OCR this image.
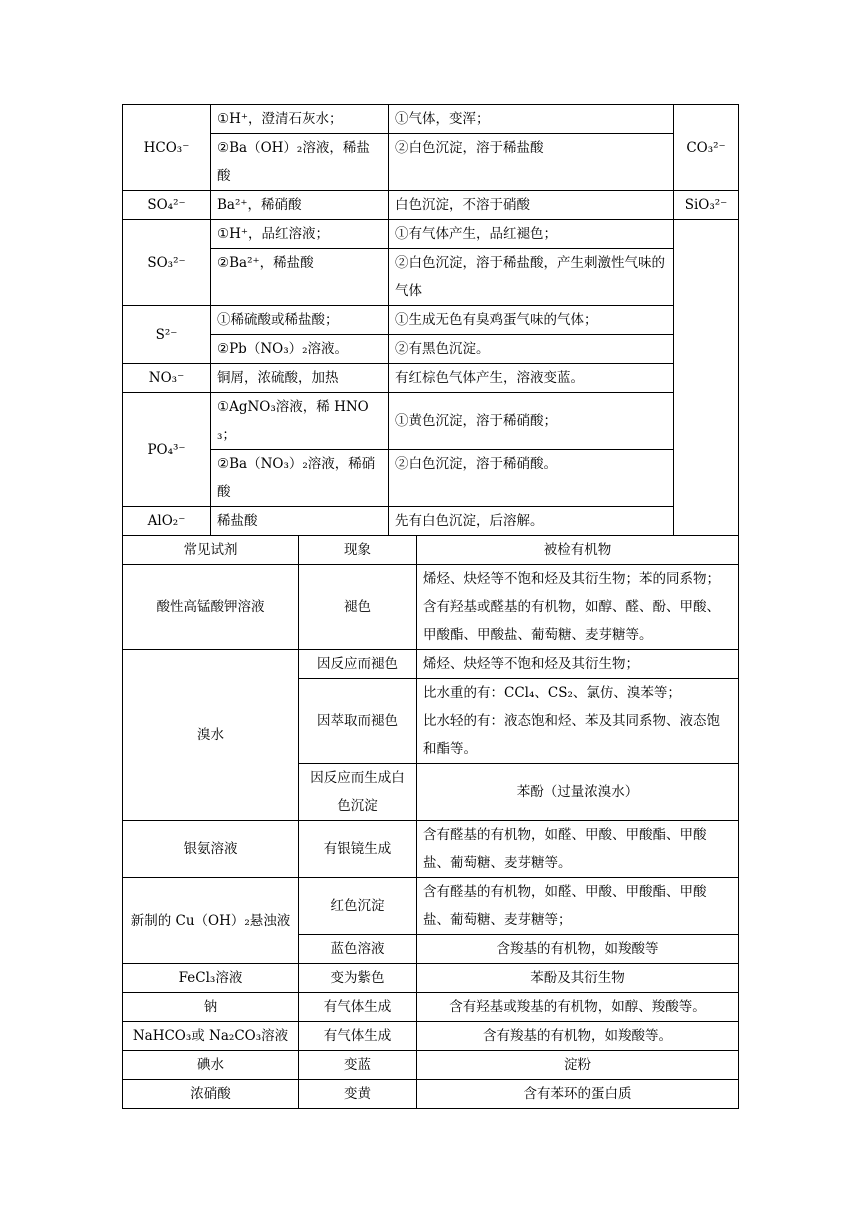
HCO₃⁻	①H⁺，澄清石灰水；	①气体，变浑；	CO₃²⁻
	②Ba（OH）₂溶液，稀盐酸	②白色沉淀，溶于稀盐酸	
SO₄²⁻	Ba²⁺，稀硝酸	白色沉淀，不溶于硝酸	SiO₃²⁻
SO₃²⁻	①H⁺，品红溶液；	①有气体产生，品红褪色；	
	②Ba²⁺，稀盐酸	②白色沉淀，溶于稀盐酸，产生刺激性气味的气体	
S²⁻	①稀硫酸或稀盐酸；	①生成无色有臭鸡蛋气味的气体；	
	②Pb（NO₃）₂溶液。	②有黑色沉淀。	
NO₃⁻	铜屑，浓硫酸，加热	有红棕色气体产生，溶液变蓝。	
PO₄³⁻	①AgNO₃溶液，稀 HNO₃；	①黄色沉淀，溶于稀硝酸；	
	②Ba（NO₃）₂溶液，稀硝酸	②白色沉淀，溶于稀硝酸。	
AlO₂⁻	稀盐酸	先有白色沉淀，后溶解。	
常见试剂	现象	被检有机物
酸性高锰酸钾溶液	褪色	烯烃、炔烃等不饱和烃及其衍生物；苯的同系物；含有羟基或醛基的有机物，如醇、醛、酚、甲酸、甲酸酯、甲酸盐、葡萄糖、麦芽糖等。
溴水	因反应而褪色	烯烃、炔烃等不饱和烃及其衍生物；
	因萃取而褪色	比水重的有：CCl₄、CS₂、氯仿、溴苯等；
比水轻的有：液态饱和烃、苯及其同系物、液态饱和酯等。

	因反应而生成白色沉淀	苯酚（过量浓溴水）
银氨溶液	有银镜生成	含有醛基的有机物，如醛、甲酸、甲酸酯、甲酸盐、葡萄糖、麦芽糖等。
新制的 Cu（OH）₂悬浊液	红色沉淀	含有醛基的有机物，如醛、甲酸、甲酸酯、甲酸盐、葡萄糖、麦芽糖等；
	蓝色溶液	含羧基的有机物，如羧酸等
FeCl₃溶液	变为紫色	苯酚及其衍生物
钠	有气体生成	含有羟基或羧基的有机物，如醇、羧酸等。
NaHCO₃或 Na₂CO₃溶液	有气体生成	含有羧基的有机物，如羧酸等。
碘水	变蓝	淀粉
浓硝酸	变黄	含有苯环的蛋白质
